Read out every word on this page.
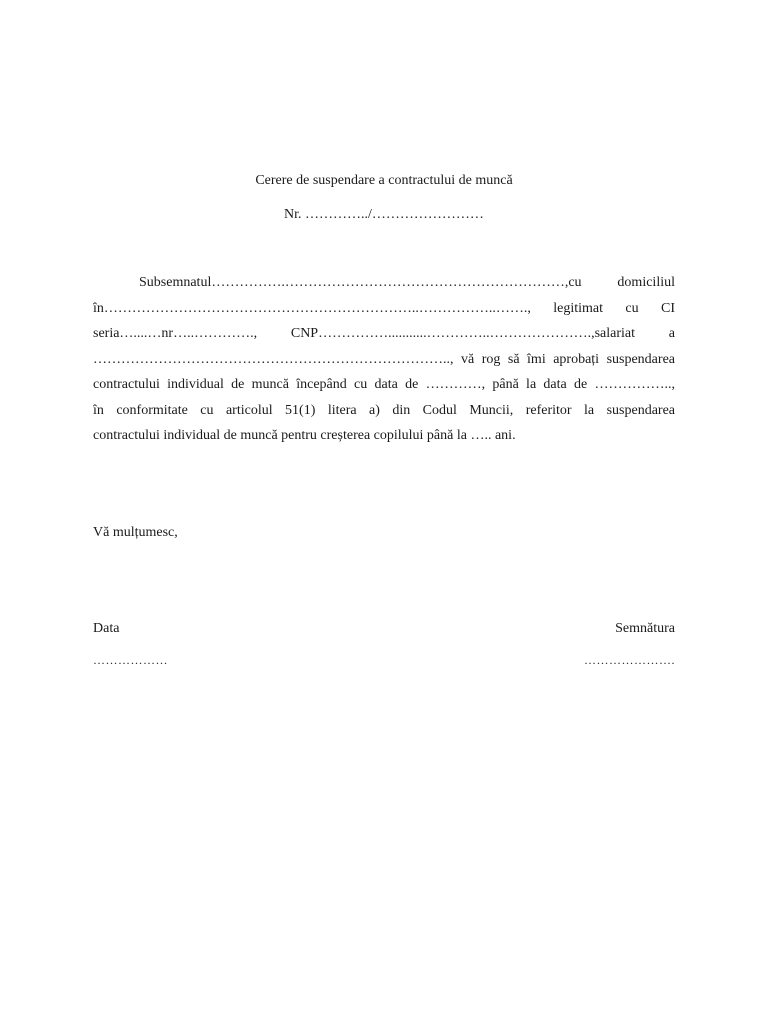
Cerere de suspendare a contractului de muncă
Nr. …………../……………………
Subsemnatul…………….……………………………………………………,cu domiciliul
în…………………………………………………………..……………..……., legitimat cu CI
seria…....…nr…..…………., CNP……………...........…………..………………….,salariat a
………………………………………………………………….., vă rog să îmi aprobați suspendarea
contractului individual de muncă începând cu data de …………, până la data de ……………..,
în conformitate cu articolul 51(1) litera a) din Codul Muncii, referitor la suspendarea
contractului individual de muncă pentru creșterea copilului până la ….. ani.
Vă mulțumesc,
Data	Semnătura
………………	………………….
